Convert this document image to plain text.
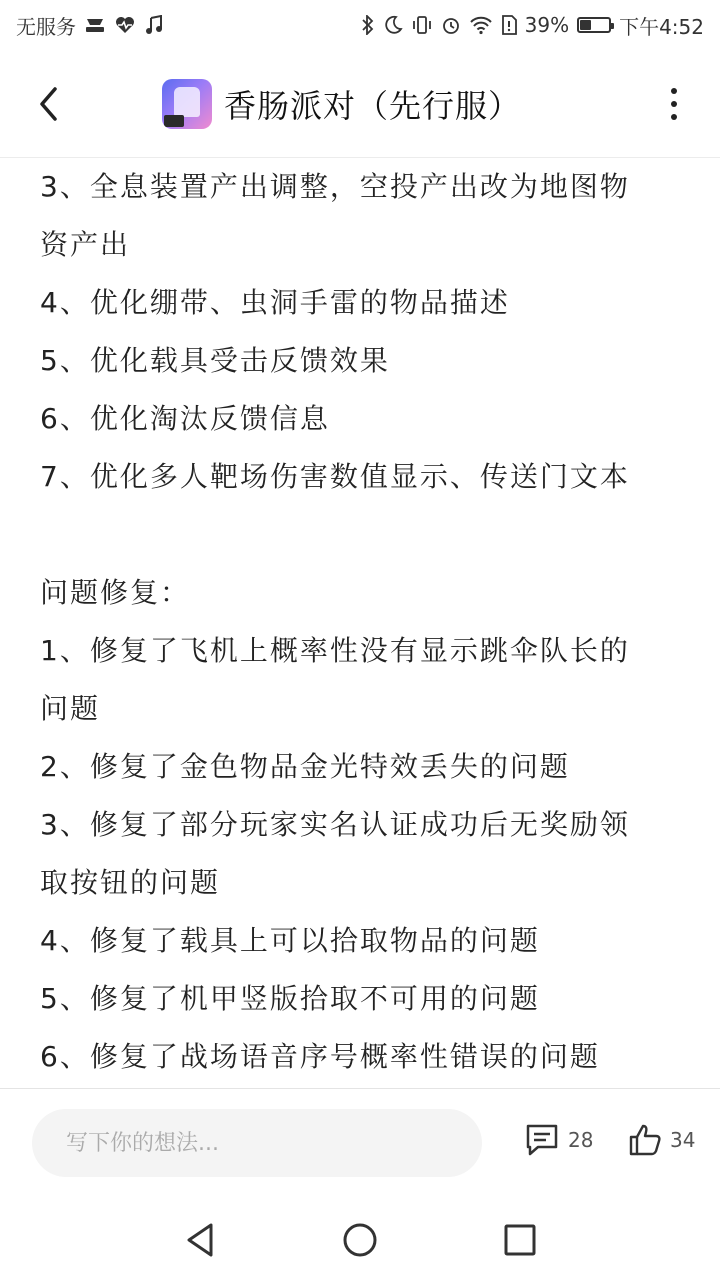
无服务	39%	下午4:52
香肠派对（先行服）

3、全息装置产出调整，空投产出改为地图物

资产出

4、优化绷带、虫洞手雷的物品描述

5、优化载具受击反馈效果

6、优化淘汰反馈信息

7、优化多人靶场伤害数值显示、传送门文本

问题修复：

1、修复了飞机上概率性没有显示跳伞队长的

问题

2、修复了金色物品金光特效丢失的问题

3、修复了部分玩家实名认证成功后无奖励领

取按钮的问题

4、修复了载具上可以拾取物品的问题

5、修复了机甲竖版拾取不可用的问题

6、修复了战场语音序号概率性错误的问题

写下你的想法...
28	34
